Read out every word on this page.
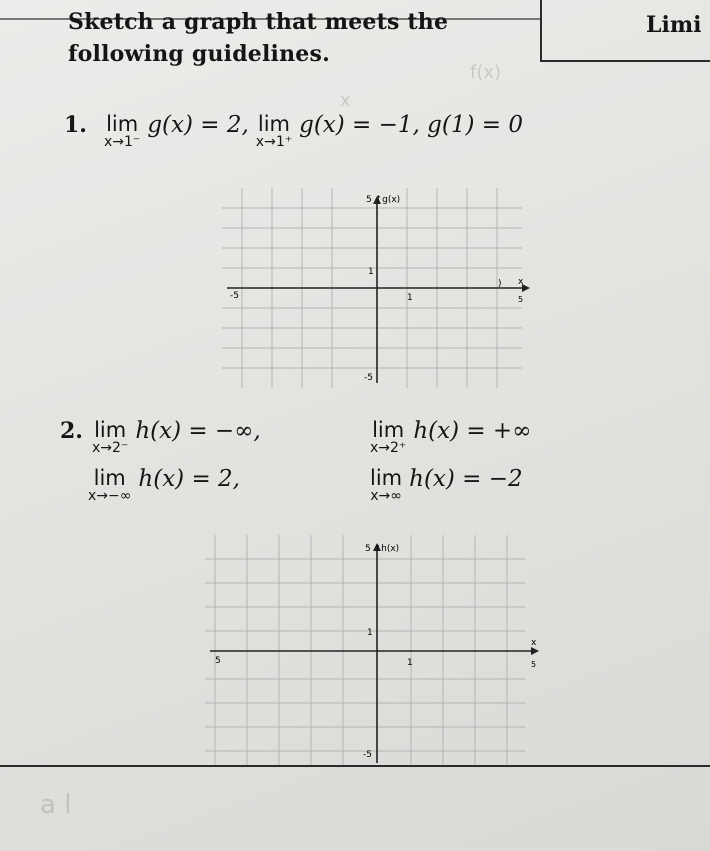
f(x)
x
a l
Sketch a graph that meets the
following guidelines.
Limi
1. lim
x→1⁻
g(x) = 2, lim
x→1⁺
g(x) = −1, g(1) = 0
5 ↑g(x)
1
-5
-5	1	5
x
)
2. lim
x→2⁻
h(x) = −∞,	lim
x→2⁺
h(x) = +∞
lim
x→−∞
h(x) = 2,	lim
x→∞
h(x) = −2
5 ↑h(x)
1
-5
5	1	5
x
